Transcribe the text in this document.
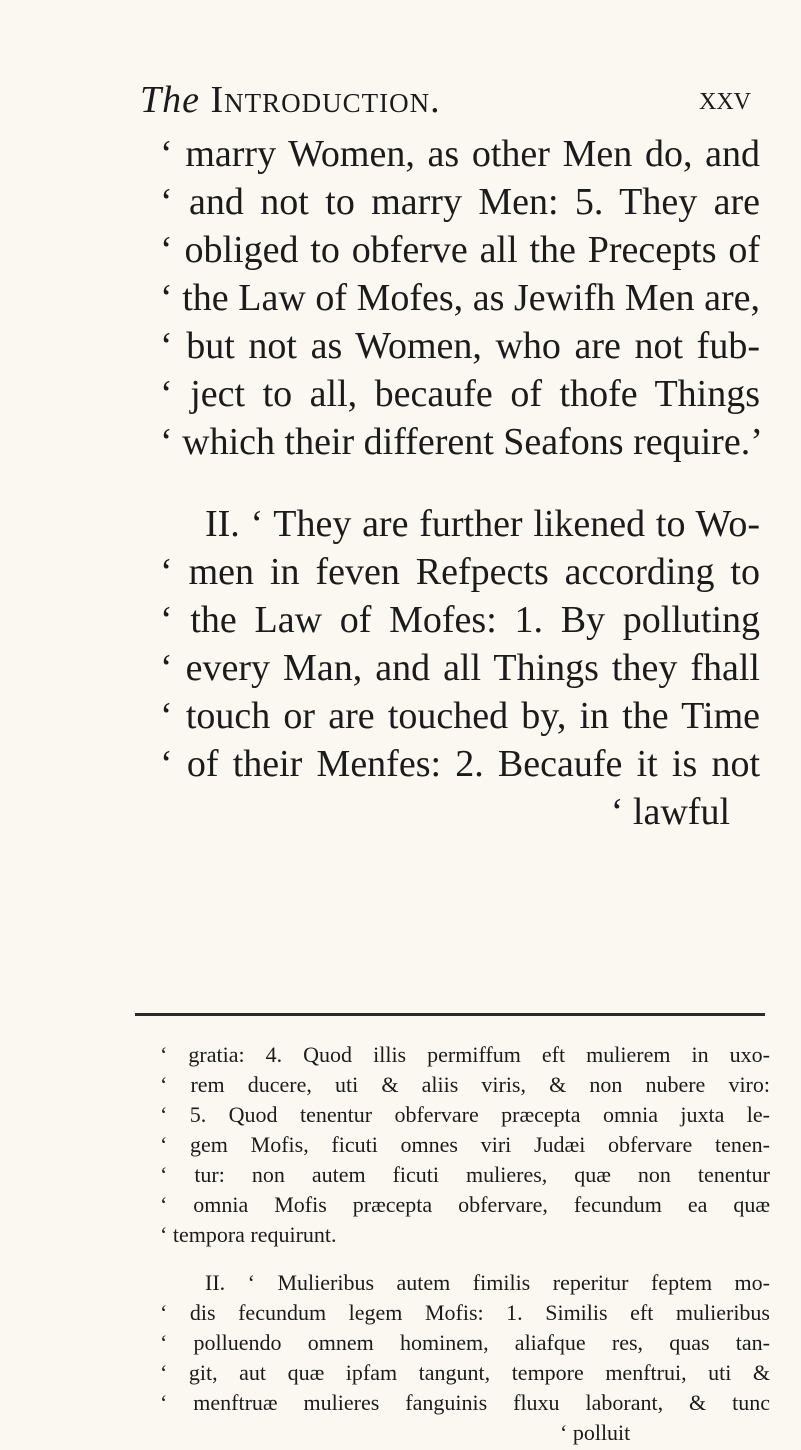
The Introduction.	xxv
‘ marry Women, as other Men do, and
‘ and not to marry Men: 5. They are
‘ obliged to obferve all the Precepts of
‘ the Law of Mofes, as Jewifh Men are,
‘ but not as Women, who are not fub-
‘ ject to all, becaufe of thofe Things
‘ which their different Seafons require.’
II. ‘ They are further likened to Wo-
‘ men in feven Refpects according to
‘ the Law of Mofes: 1. By polluting
‘ every Man, and all Things they fhall
‘ touch or are touched by, in the Time
‘ of their Menfes: 2. Becaufe it is not
‘ lawful
‘ gratia: 4. Quod illis permiffum eft mulierem in uxo-
‘ rem ducere, uti & aliis viris, & non nubere viro:
‘ 5. Quod tenentur obfervare præcepta omnia juxta le-
‘ gem Mofis, ficuti omnes viri Judæi obfervare tenen-
‘ tur: non autem ficuti mulieres, quæ non tenentur
‘ omnia Mofis præcepta obfervare, fecundum ea quæ
‘ tempora requirunt.
II. ‘ Mulieribus autem fimilis reperitur feptem mo-
‘ dis fecundum legem Mofis: 1. Similis eft mulieribus
‘ polluendo omnem hominem, aliafque res, quas tan-
‘ git, aut quæ ipfam tangunt, tempore menftrui, uti &
‘ menftruæ mulieres fanguinis fluxu laborant, & tunc
‘ polluit
